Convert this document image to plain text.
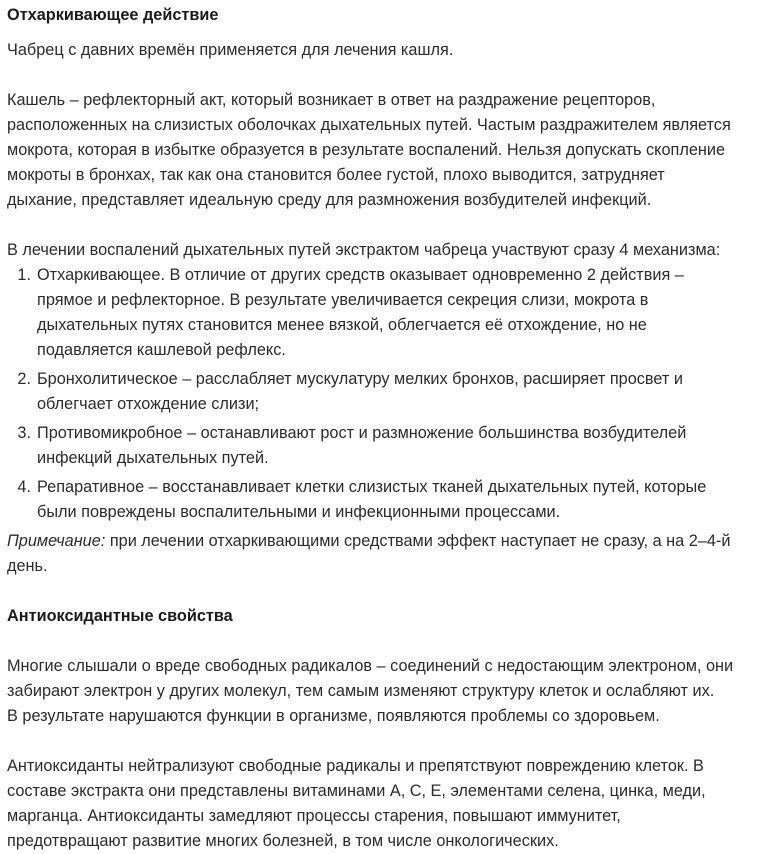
Отхаркивающее действие

Чабрец с давних времён применяется для лечения кашля.

Кашель – рефлекторный акт, который возникает в ответ на раздражение рецепторов,
расположенных на слизистых оболочках дыхательных путей. Частым раздражителем является
мокрота, которая в избытке образуется в результате воспалений. Нельзя допускать скопление
мокроты в бронхах, так как она становится более густой, плохо выводится, затрудняет
дыхание, представляет идеальную среду для размножения возбудителей инфекций.

В лечении воспалений дыхательных путей экстрактом чабреца участвуют сразу 4 механизма:

1. Отхаркивающее. В отличие от других средств оказывает одновременно 2 действия –
прямое и рефлекторное. В результате увеличивается секреция слизи, мокрота в
дыхательных путях становится менее вязкой, облегчается её отхождение, но не
подавляется кашлевой рефлекс.
2. Бронхолитическое – расслабляет мускулатуру мелких бронхов, расширяет просвет и
облегчает отхождение слизи;
3. Противомикробное – останавливают рост и размножение большинства возбудителей
инфекций дыхательных путей.
4. Репаративное – восстанавливает клетки слизистых тканей дыхательных путей, которые
были повреждены воспалительными и инфекционными процессами.

Примечание: при лечении отхаркивающими средствами эффект наступает не сразу, а на 2–4-й
день.

Антиоксидантные свойства

Многие слышали о вреде свободных радикалов – соединений с недостающим электроном, они
забирают электрон у других молекул, тем самым изменяют структуру клеток и ослабляют их.
В результате нарушаются функции в организме, появляются проблемы со здоровьем.

Антиоксиданты нейтрализуют свободные радикалы и препятствуют повреждению клеток. В
составе экстракта они представлены витаминами А, С, Е, элементами селена, цинка, меди,
марганца. Антиоксиданты замедляют процессы старения, повышают иммунитет,
предотвращают развитие многих болезней, в том числе онкологических.
